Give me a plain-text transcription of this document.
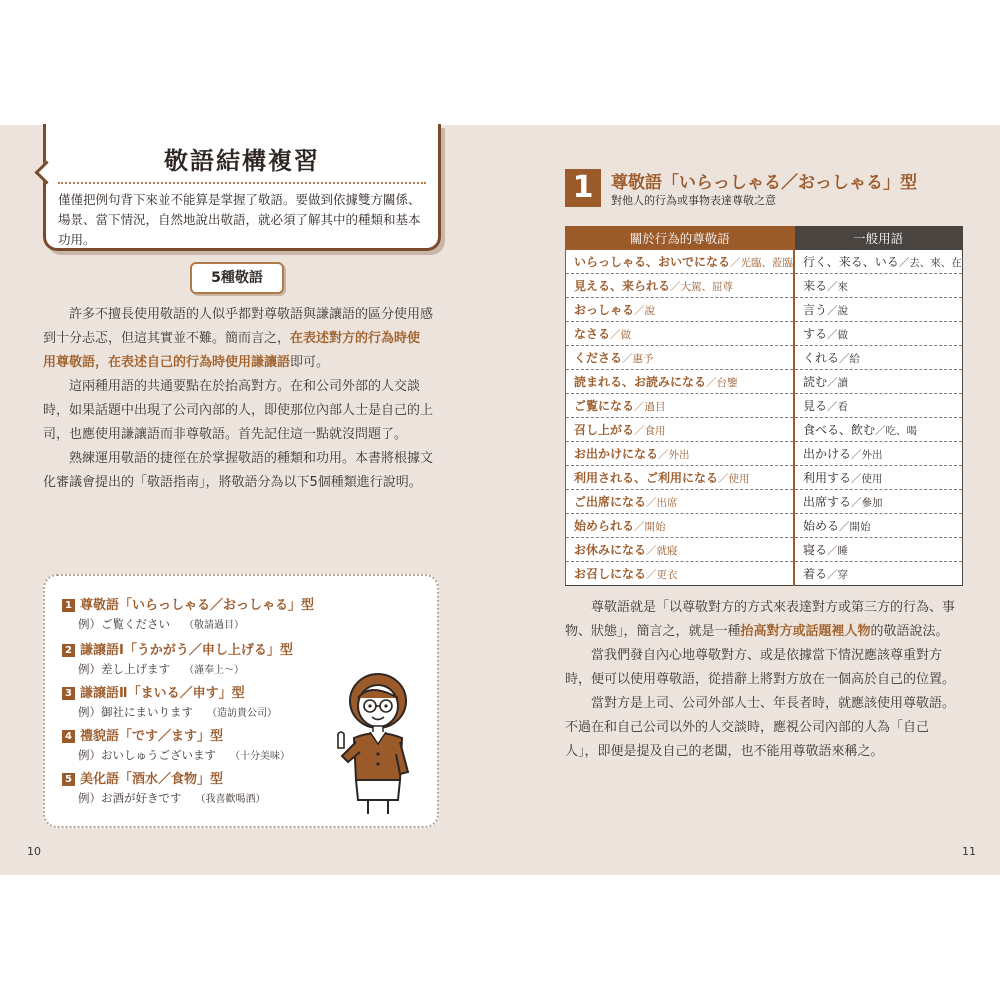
敬語結構複習

僅僅把例句背下來並不能算是掌握了敬語。要做到依據雙方關係、場景、當下情況，自然地說出敬語，就必須了解其中的種類和基本功用。

5種敬語

許多不擅長使用敬語的人似乎都對尊敬語與謙讓語的區分使用感到十分忐忑，但這其實並不難。簡而言之，在表述對方的行為時使用尊敬語，在表述自己的行為時使用謙讓語即可。

這兩種用語的共通要點在於抬高對方。在和公司外部的人交談時，如果話題中出現了公司內部的人，即使那位內部人士是自己的上司，也應使用謙讓語而非尊敬語。首先記住這一點就沒問題了。

熟練運用敬語的捷徑在於掌握敬語的種類和功用。本書將根據文化審議會提出的「敬語指南」，將敬語分為以下5個種類進行說明。

1 尊敬語「いらっしゃる／おっしゃる」型
例）ご覧ください （敬請過目）
2 謙譲語Ⅰ「うかがう／申し上げる」型
例）差し上げます （謹奉上～）
3 謙譲語Ⅱ「まいる／申す」型
例）御社にまいります （造訪貴公司）
4 禮貌語「です／ます」型
例）おいしゅうございます （十分美味）
5 美化語「酒水／食物」型
例）お酒が好きです （我喜歡喝酒）
10
1	尊敬語「いらっしゃる／おっしゃる」型
對他人的行為或事物表達尊敬之意
關於行為的尊敬語	一般用語
いらっしゃる、おいでになる／光臨、蒞臨	行く、来る、いる／去、來、在
見える、来られる／大駕、屈尊	来る／來
おっしゃる／說	言う／說
なさる／做	する／做
くださる／惠予	くれる／給
読まれる、お読みになる／台鑒	読む／讀
ご覧になる／過目	見る／看
召し上がる／食用	食べる、飲む／吃、喝
お出かけになる／外出	出かける／外出
利用される、ご利用になる／使用	利用する／使用
ご出席になる／出席	出席する／參加
始められる／開始	始める／開始
お休みになる／就寢	寝る／睡
お召しになる／更衣	着る／穿

尊敬語就是「以尊敬對方的方式來表達對方或第三方的行為、事物、狀態」，簡言之，就是一種抬高對方或話題裡人物的敬語說法。

當我們發自內心地尊敬對方、或是依據當下情況應該尊重對方時，便可以使用尊敬語，從措辭上將對方放在一個高於自己的位置。

當對方是上司、公司外部人士、年長者時，就應該使用尊敬語。不過在和自己公司以外的人交談時，應視公司內部的人為「自己人」，即便是提及自己的老闆，也不能用尊敬語來稱之。

11
